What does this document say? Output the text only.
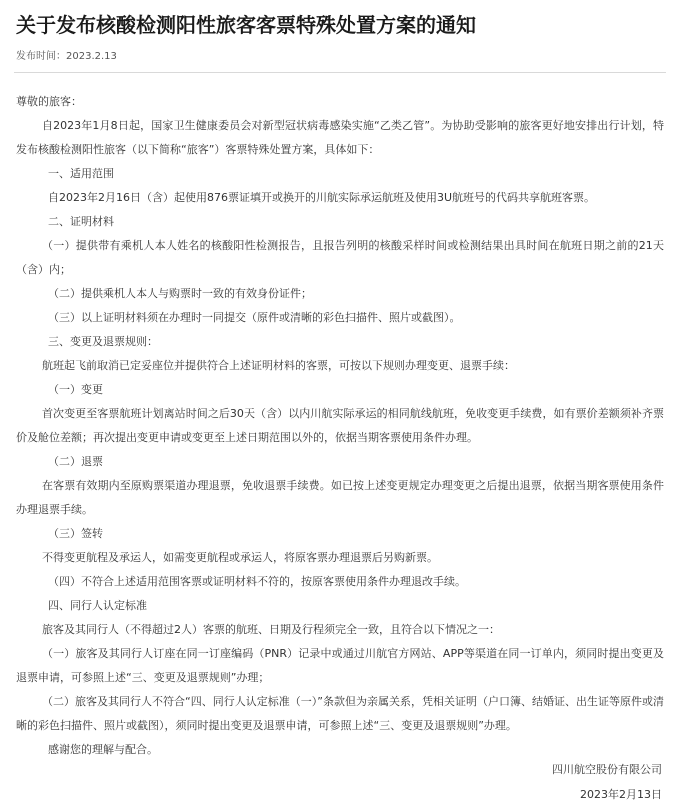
关于发布核酸检测阳性旅客客票特殊处置方案的通知
发布时间：2023.2.13

尊敬的旅客：

自2023年1月8日起，国家卫生健康委员会对新型冠状病毒感染实施“乙类乙管”。为协助受影响的旅客更好地安排出行计划，特发布核酸检测阳性旅客（以下简称“旅客”）客票特殊处置方案，具体如下：

一、适用范围

自2023年2月16日（含）起使用876票证填开或换开的川航实际承运航班及使用3U航班号的代码共享航班客票。

二、证明材料

（一）提供带有乘机人本人姓名的核酸阳性检测报告，且报告列明的核酸采样时间或检测结果出具时间在航班日期之前的21天（含）内；

（二）提供乘机人本人与购票时一致的有效身份证件；

（三）以上证明材料须在办理时一同提交（原件或清晰的彩色扫描件、照片或截图）。

三、变更及退票规则：

航班起飞前取消已定妥座位并提供符合上述证明材料的客票，可按以下规则办理变更、退票手续：

（一）变更

首次变更至客票航班计划离站时间之后30天（含）以内川航实际承运的相同航线航班，免收变更手续费，如有票价差额须补齐票价及舱位差额；再次提出变更申请或变更至上述日期范围以外的，依据当期客票使用条件办理。

（二）退票

在客票有效期内至原购票渠道办理退票，免收退票手续费。如已按上述变更规定办理变更之后提出退票，依据当期客票使用条件办理退票手续。

（三）签转

不得变更航程及承运人，如需变更航程或承运人，将原客票办理退票后另购新票。

（四）不符合上述适用范围客票或证明材料不符的，按原客票使用条件办理退改手续。

四、同行人认定标准

旅客及其同行人（不得超过2人）客票的航班、日期及行程须完全一致，且符合以下情况之一：

（一）旅客及其同行人订座在同一订座编码（PNR）记录中或通过川航官方网站、APP等渠道在同一订单内，须同时提出变更及退票申请，可参照上述“三、变更及退票规则”办理；

（二）旅客及其同行人不符合“四、同行人认定标准（一）”条款但为亲属关系，凭相关证明（户口簿、结婚证、出生证等原件或清晰的彩色扫描件、照片或截图），须同时提出变更及退票申请，可参照上述“三、变更及退票规则”办理。

感谢您的理解与配合。

四川航空股份有限公司

2023年2月13日
